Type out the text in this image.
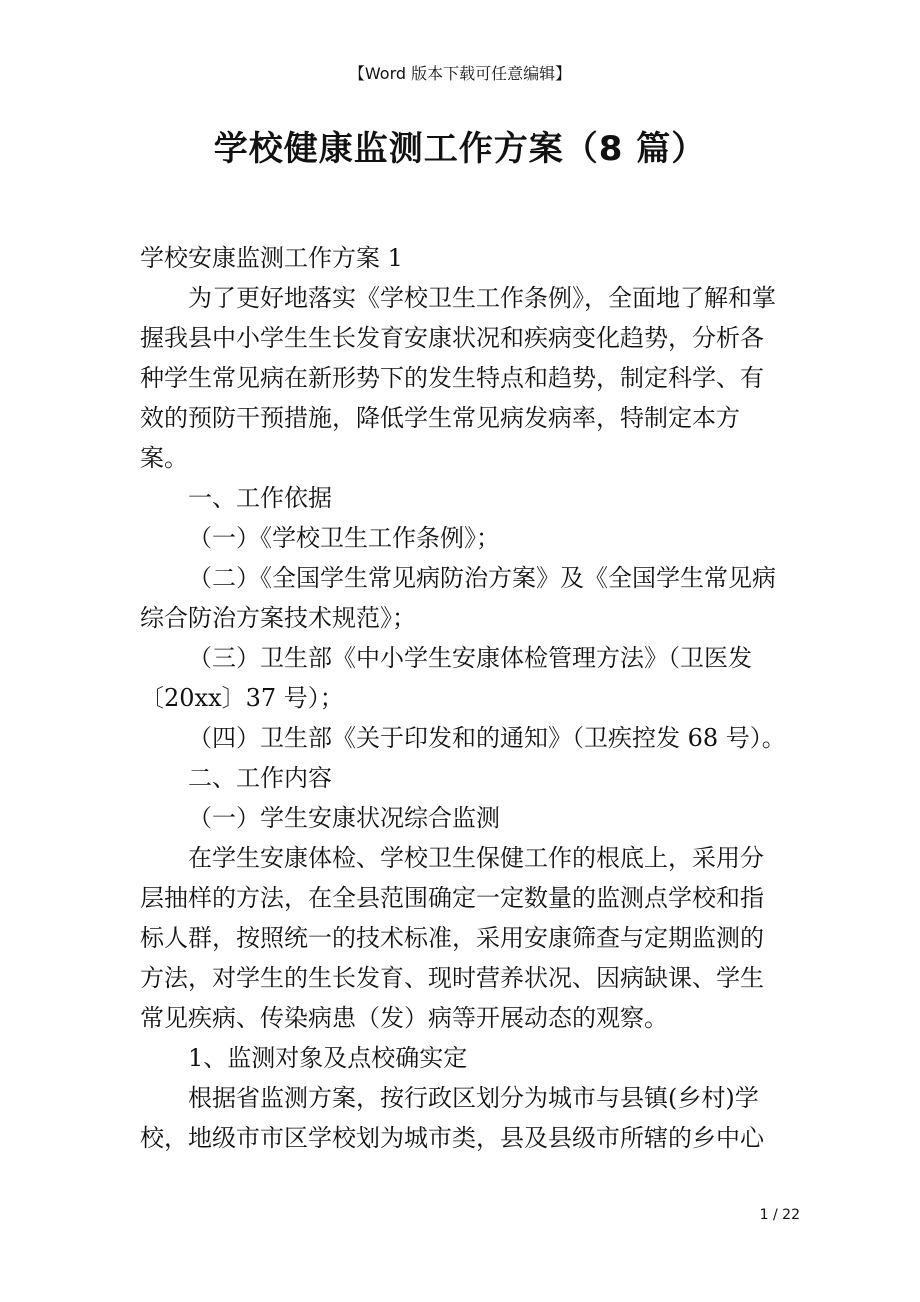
【Word 版本下载可任意编辑】
学校健康监测工作方案（8 篇）

学校安康监测工作方案 1

为了更好地落实《学校卫生工作条例》，全面地了解和掌握我县中小学生生长发育安康状况和疾病变化趋势，分析各种学生常见病在新形势下的发生特点和趋势，制定科学、有效的预防干预措施，降低学生常见病发病率，特制定本方案。

一、工作依据

（一）《学校卫生工作条例》；

（二）《全国学生常见病防治方案》及《全国学生常见病综合防治方案技术规范》；

（三）卫生部《中小学生安康体检管理方法》（卫医发〔20xx〕37 号）；

（四）卫生部《关于印发和的通知》（卫疾控发 68 号）。

二、工作内容

（一）学生安康状况综合监测

在学生安康体检、学校卫生保健工作的根底上，采用分层抽样的方法，在全县范围确定一定数量的监测点学校和指标人群，按照统一的技术标准，采用安康筛查与定期监测的方法，对学生的生长发育、现时营养状况、因病缺课、学生常见疾病、传染病患（发）病等开展动态的观察。

1、监测对象及点校确实定

根据省监测方案，按行政区划分为城市与县镇(乡村)学校，地级市市区学校划为城市类，县及县级市所辖的乡中心

1 / 22
